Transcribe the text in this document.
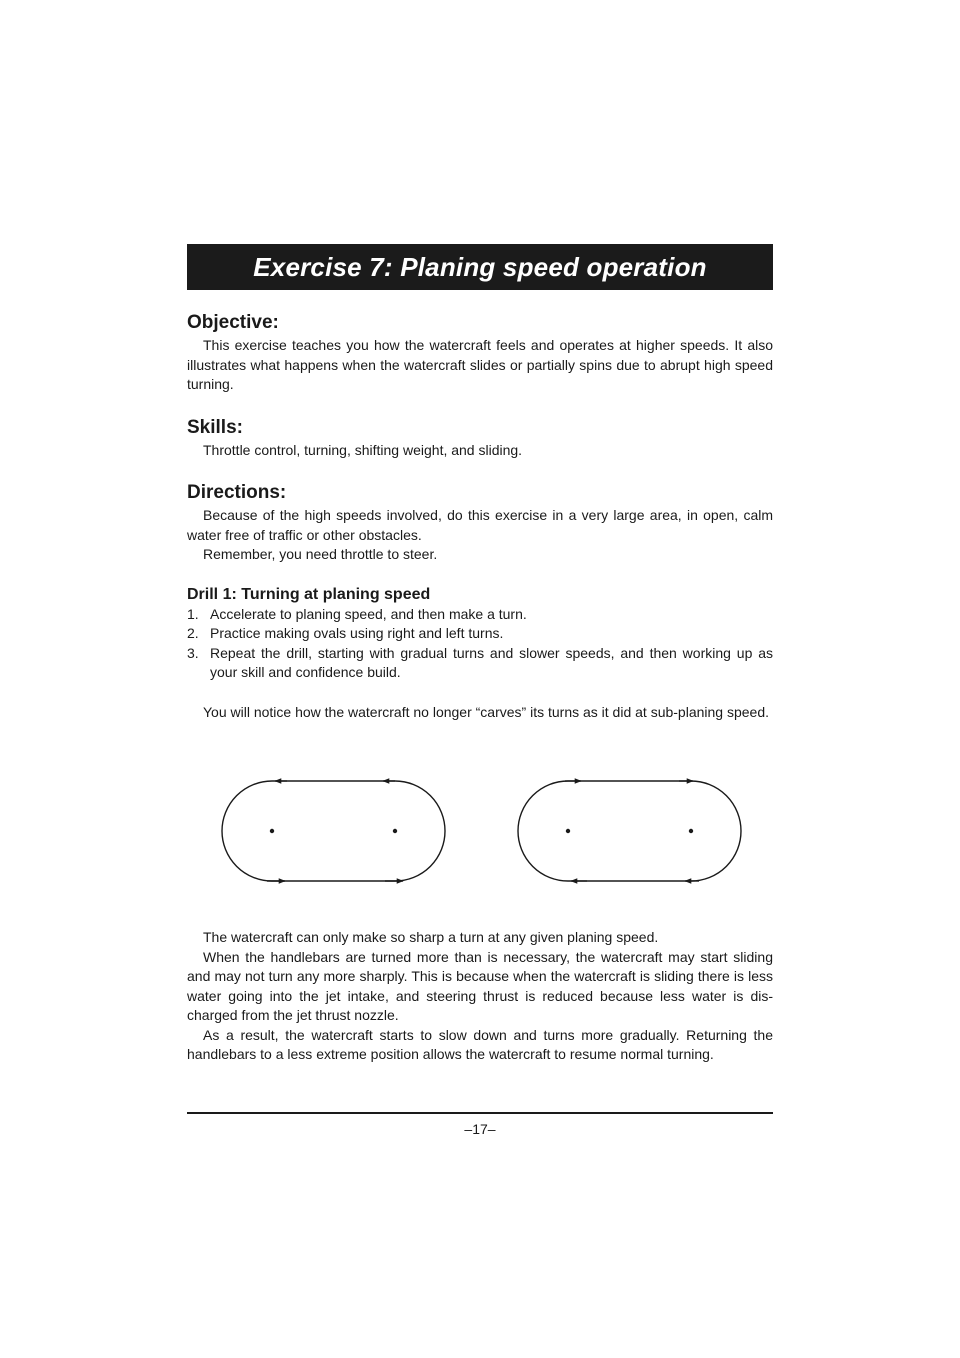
Exercise 7: Planing speed operation
Objective:

This exercise teaches you how the watercraft feels and operates at higher speeds. It also illustrates what happens when the watercraft slides or partially spins due to abrupt high speed turning.

Skills:

Throttle control, turning, shifting weight, and sliding.

Directions:

Because of the high speeds involved, do this exercise in a very large area, in open, calm water free of traffic or other obstacles.

Remember, you need throttle to steer.

Drill 1: Turning at planing speed
1. Accelerate to planing speed, and then make a turn.
2. Practice making ovals using right and left turns.
3. Repeat the drill, starting with gradual turns and slower speeds, and then working up as your skill and confidence build.

You will notice how the watercraft no longer “carves” its turns as it did at sub-planing speed.

The watercraft can only make so sharp a turn at any given planing speed.

When the handlebars are turned more than is necessary, the watercraft may start sliding and may not turn any more sharply. This is because when the watercraft is sliding there is less water going into the jet intake, and steering thrust is reduced because less water is dis-charged from the jet thrust nozzle.

As a result, the watercraft starts to slow down and turns more gradually. Returning the handlebars to a less extreme position allows the watercraft to resume normal turning.

–17–
